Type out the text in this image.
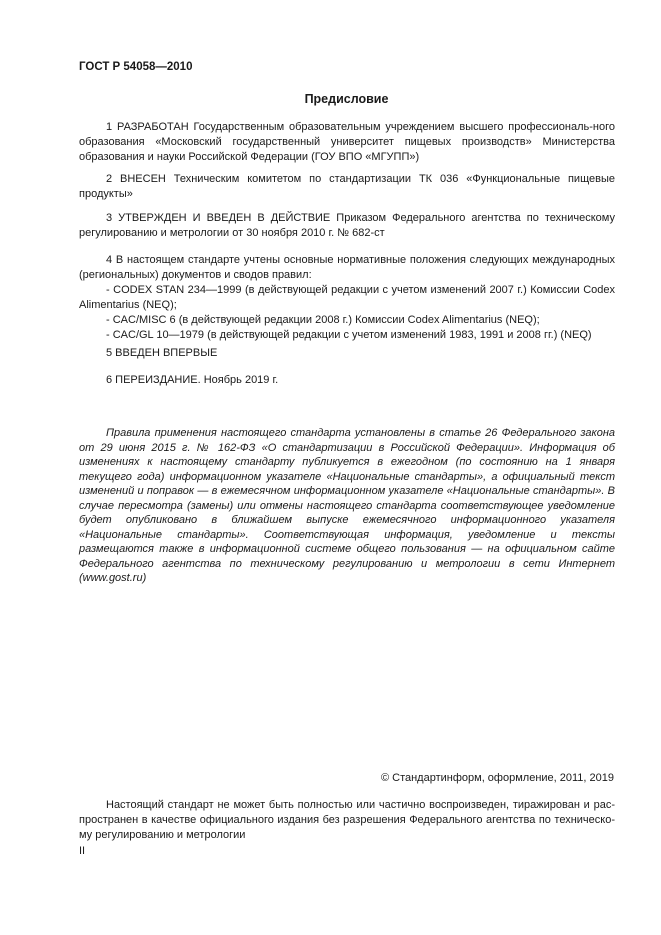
ГОСТ Р 54058—2010
Предисловие
1 РАЗРАБОТАН Государственным образовательным учреждением высшего профессиональ-ного образования «Московский государственный университет пищевых производств» Министерства образования и науки Российской Федерации (ГОУ ВПО «МГУПП»)
2 ВНЕСЕН Техническим комитетом по стандартизации ТК 036 «Функциональные пищевые продукты»
3 УТВЕРЖДЕН И ВВЕДЕН В ДЕЙСТВИЕ Приказом Федерального агентства по техническому регулированию и метрологии от 30 ноября 2010 г. № 682-ст

4 В настоящем стандарте учтены основные нормативные положения следующих международных (региональных) документов и сводов правил:

- CODEX STAN 234—1999 (в действующей редакции с учетом изменений 2007 г.) Комиссии Codex Alimentarius (NEQ);

- CAC/MISC 6 (в действующей редакции 2008 г.) Комиссии Codex Alimentarius (NEQ);

- CAC/GL 10—1979 (в действующей редакции с учетом изменений 1983, 1991 и 2008 гг.) (NEQ)

5 ВВЕДЕН ВПЕРВЫЕ
6 ПЕРЕИЗДАНИЕ. Ноябрь 2019 г.
Правила применения настоящего стандарта установлены в статье 26 Федерального закона от 29 июня 2015 г. № 162-ФЗ «О стандартизации в Российской Федерации». Информация об изменениях к настоящему стандарту публикуется в ежегодном (по состоянию на 1 января текущего года) информационном указателе «Национальные стандарты», а официальный текст изменений и поправок — в ежемесячном информационном указателе «Национальные стандарты». В случае пересмотра (замены) или отмены настоящего стандарта соответствующее уведомление будет опубликовано в ближайшем выпуске ежемесячного информационного указателя «Национальные стандарты». Соответствующая информация, уведомление и тексты размещаются также в информационной системе общего пользования — на официальном сайте Федерального агентства по техническому регулированию и метрологии в сети Интернет (www.gost.ru)
© Стандартинформ, оформление, 2011, 2019
Настоящий стандарт не может быть полностью или частично воспроизведен, тиражирован и рас-пространен в качестве официального издания без разрешения Федерального агентства по техническо-му регулированию и метрологии
II
